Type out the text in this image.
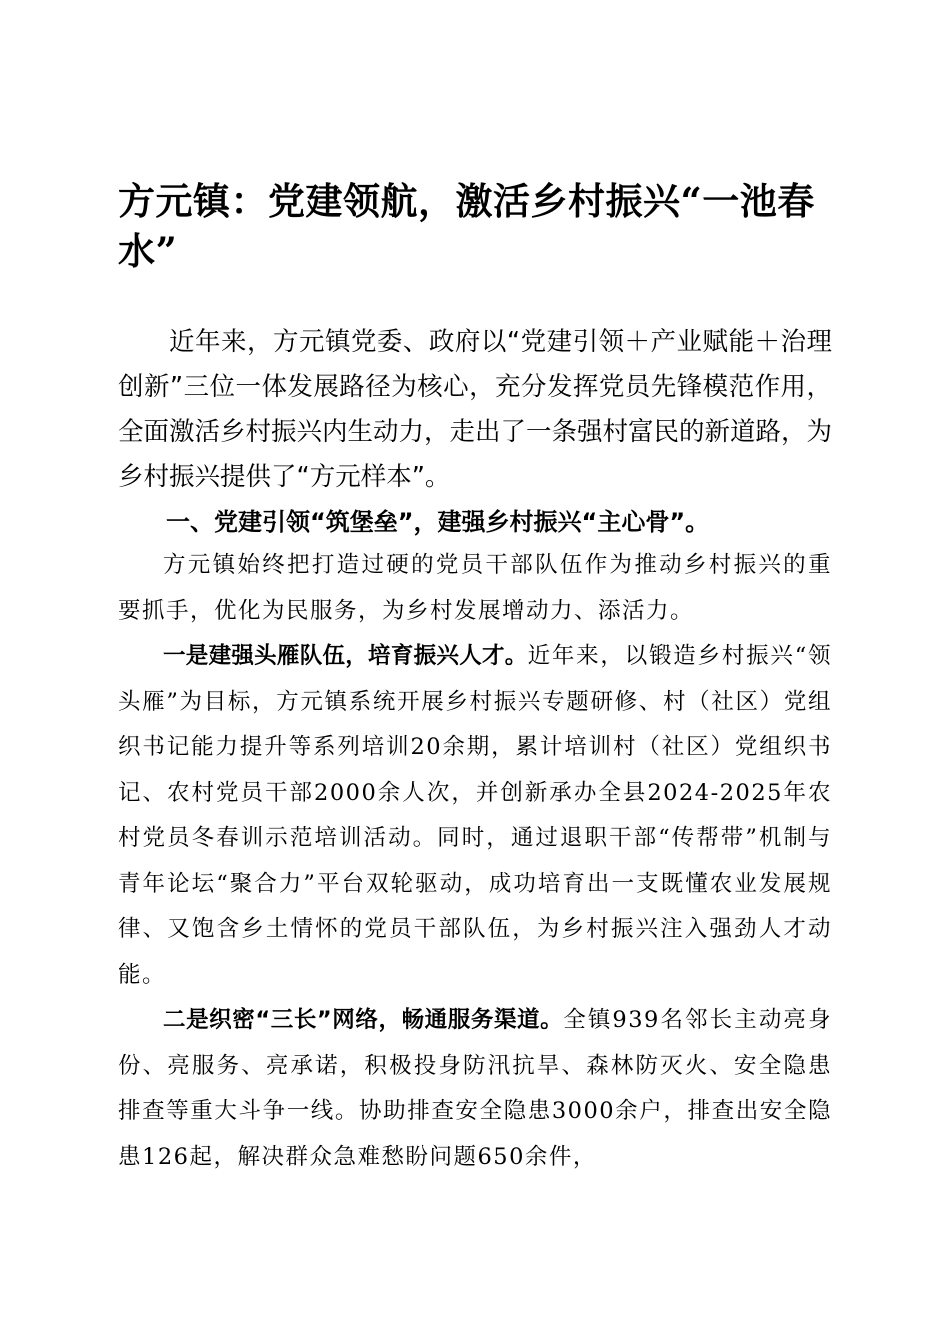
方元镇：党建领航，激活乡村振兴“一池春水”

近年来，方元镇党委、政府以“党建引领＋产业赋能＋治理创新”三位一体发展路径为核心，充分发挥党员先锋模范作用，全面激活乡村振兴内生动力，走出了一条强村富民的新道路，为乡村振兴提供了“方元样本”。

一、党建引领“筑堡垒”，建强乡村振兴“主心骨”。

方元镇始终把打造过硬的党员干部队伍作为推动乡村振兴的重要抓手，优化为民服务，为乡村发展增动力、添活力。

一是建强头雁队伍，培育振兴人才。近年来，以锻造乡村振兴“领头雁”为目标，方元镇系统开展乡村振兴专题研修、村（社区）党组织书记能力提升等系列培训20余期，累计培训村（社区）党组织书记、农村党员干部2000余人次，并创新承办全县2024-2025年农村党员冬春训示范培训活动。同时，通过退职干部“传帮带”机制与青年论坛“聚合力”平台双轮驱动，成功培育出一支既懂农业发展规律、又饱含乡土情怀的党员干部队伍，为乡村振兴注入强劲人才动能。

二是织密“三长”网络，畅通服务渠道。全镇939名邻长主动亮身份、亮服务、亮承诺，积极投身防汛抗旱、森林防灭火、安全隐患排查等重大斗争一线。协助排查安全隐患3000余户，排查出安全隐患126起，解决群众急难愁盼问题650余件，
